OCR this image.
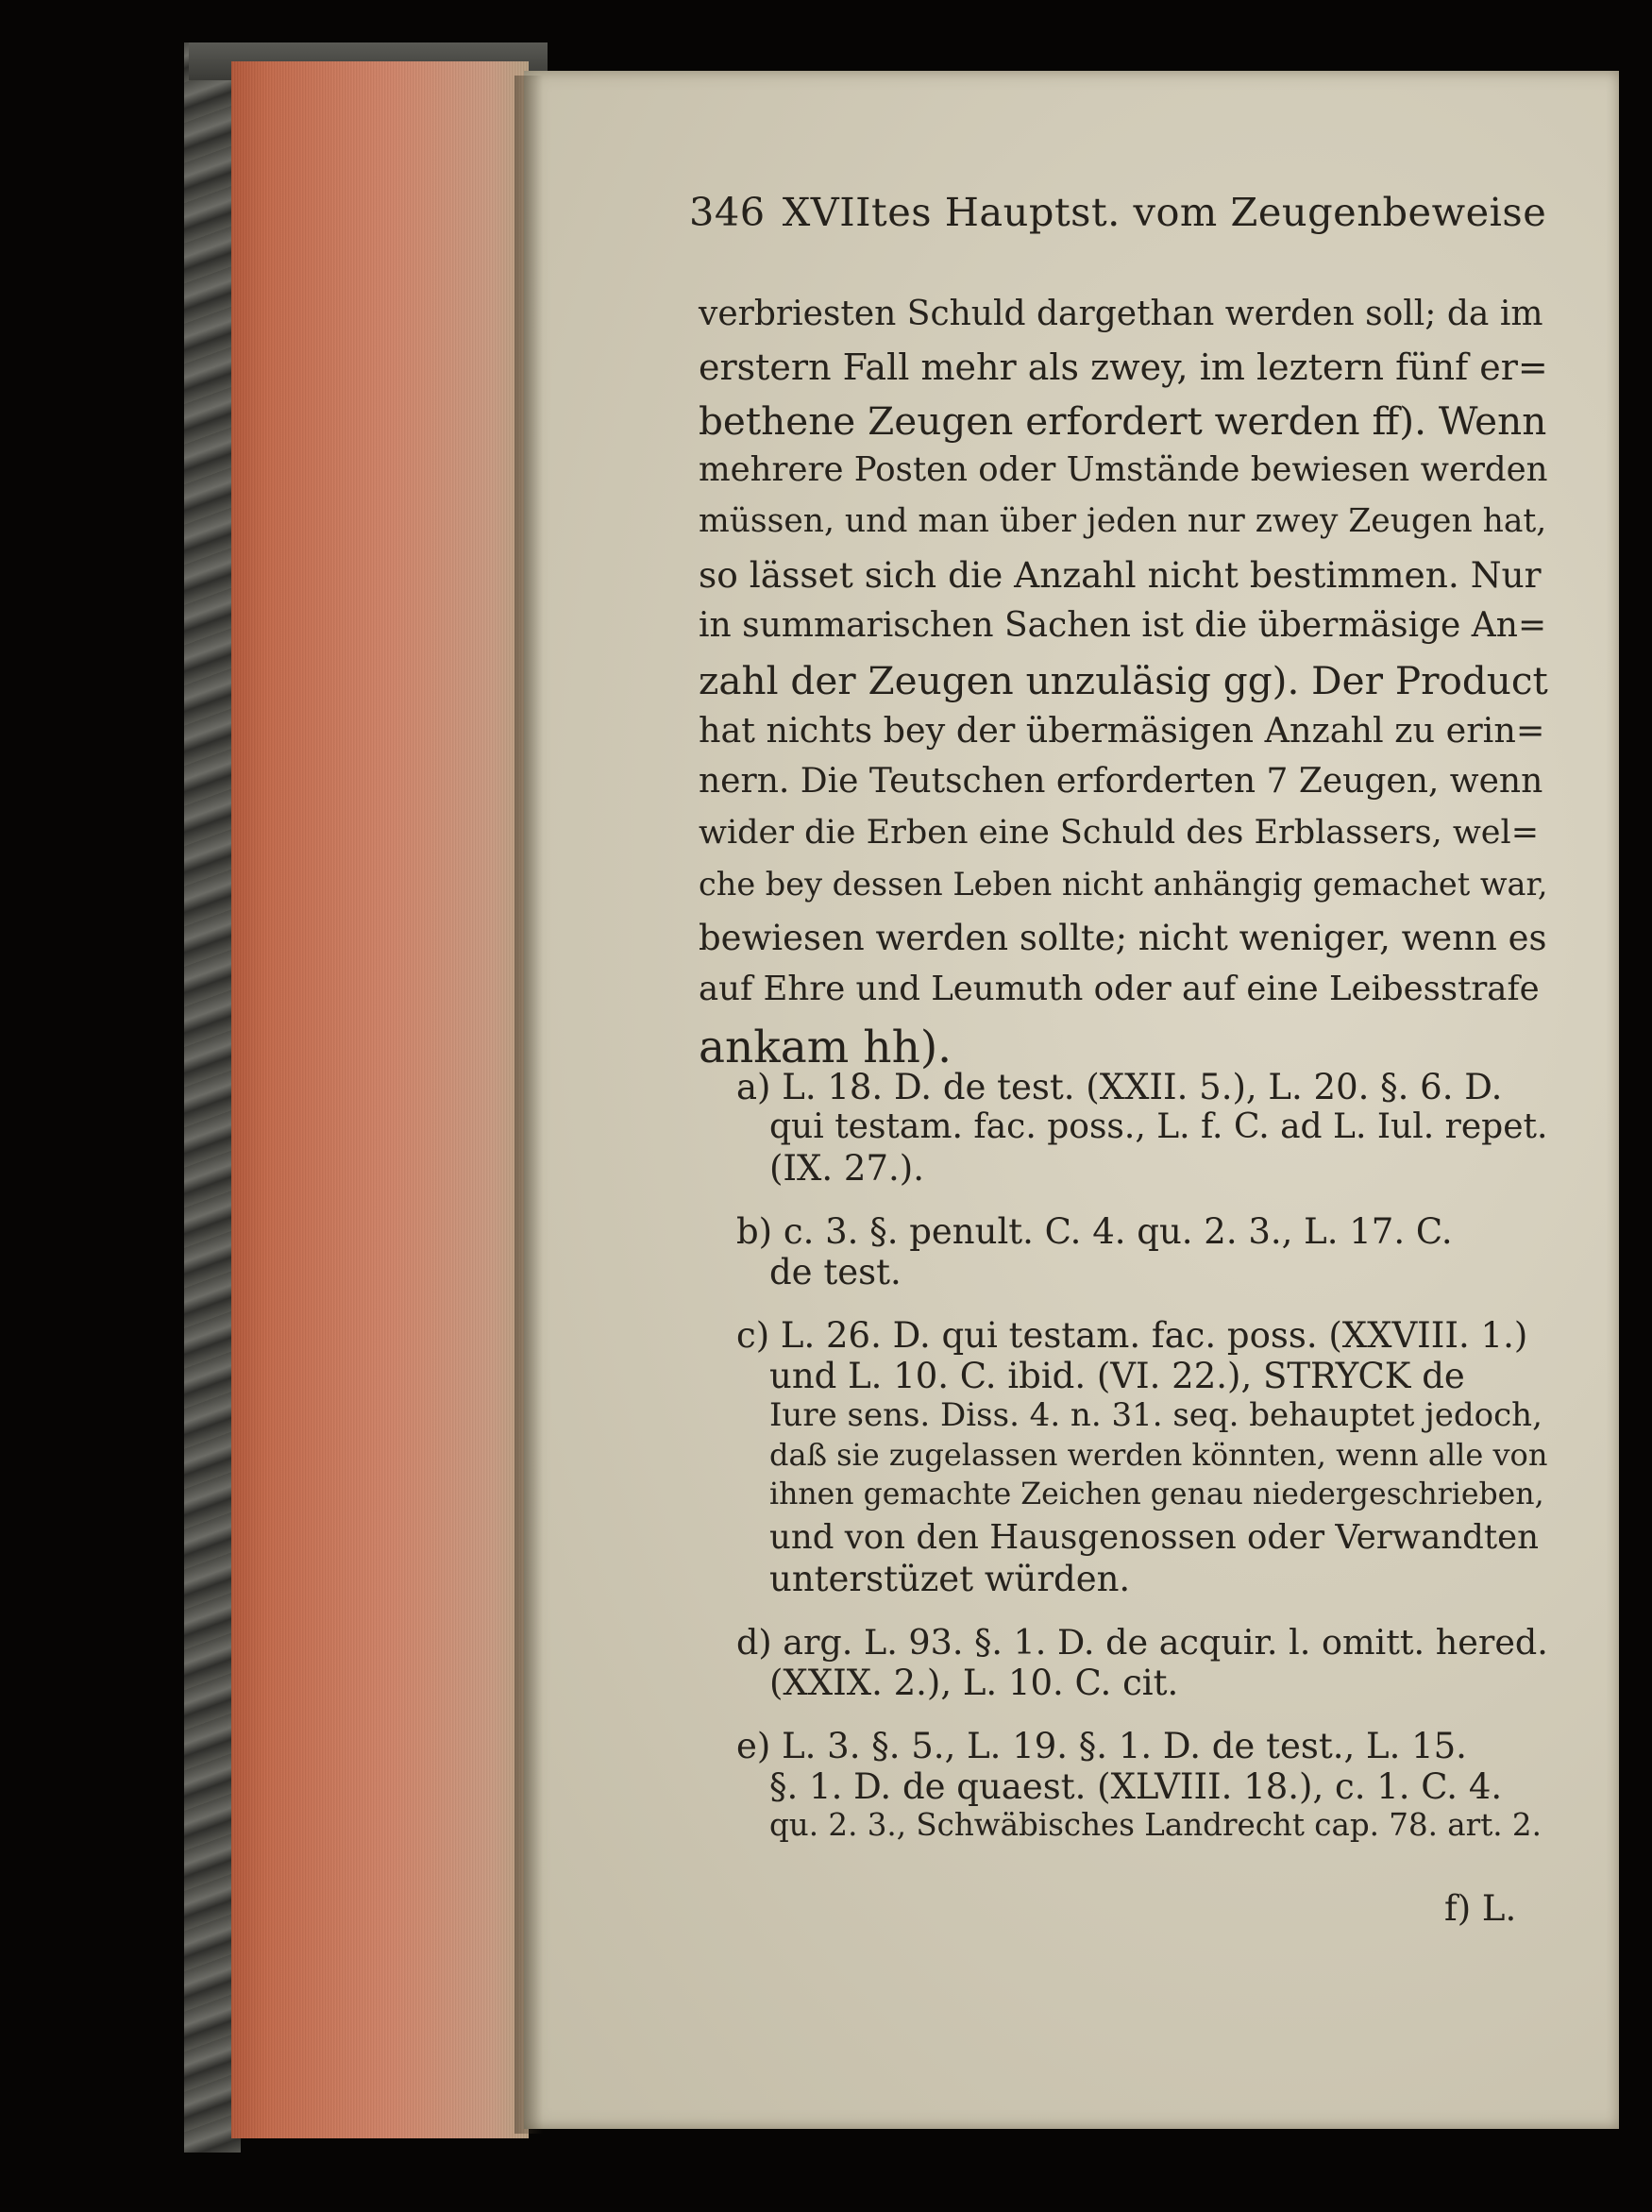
346 XVIItes Hauptst. vom Zeugenbeweise
verbriesten Schuld dargethan werden soll; da im
erstern Fall mehr als zwey, im leztern fünf er=
bethene Zeugen erfordert werden ff). Wenn
mehrere Posten oder Umstände bewiesen werden
müssen, und man über jeden nur zwey Zeugen hat,
so lässet sich die Anzahl nicht bestimmen. Nur
in summarischen Sachen ist die übermäsige An=
zahl der Zeugen unzuläsig gg). Der Product
hat nichts bey der übermäsigen Anzahl zu erin=
nern. Die Teutschen erforderten 7 Zeugen, wenn
wider die Erben eine Schuld des Erblassers, wel=
che bey dessen Leben nicht anhängig gemachet war,
bewiesen werden sollte; nicht weniger, wenn es
auf Ehre und Leumuth oder auf eine Leibesstrafe
ankam hh).
a) L. 18. D. de test. (XXII. 5.), L. 20. §. 6. D.
qui testam. fac. poss., L. f. C. ad L. Iul. repet.
(IX. 27.).
b) c. 3. §. penult. C. 4. qu. 2. 3., L. 17. C.
de test.
c) L. 26. D. qui testam. fac. poss. (XXVIII. 1.)
und L. 10. C. ibid. (VI. 22.), STRYCK de
Iure sens. Diss. 4. n. 31. seq. behauptet jedoch,
daß sie zugelassen werden könnten, wenn alle von
ihnen gemachte Zeichen genau niedergeschrieben,
und von den Hausgenossen oder Verwandten
unterstüzet würden.
d) arg. L. 93. §. 1. D. de acquir. l. omitt. hered.
(XXIX. 2.), L. 10. C. cit.
e) L. 3. §. 5., L. 19. §. 1. D. de test., L. 15.
§. 1. D. de quaest. (XLVIII. 18.), c. 1. C. 4.
qu. 2. 3., Schwäbisches Landrecht cap. 78. art. 2.
f) L.
